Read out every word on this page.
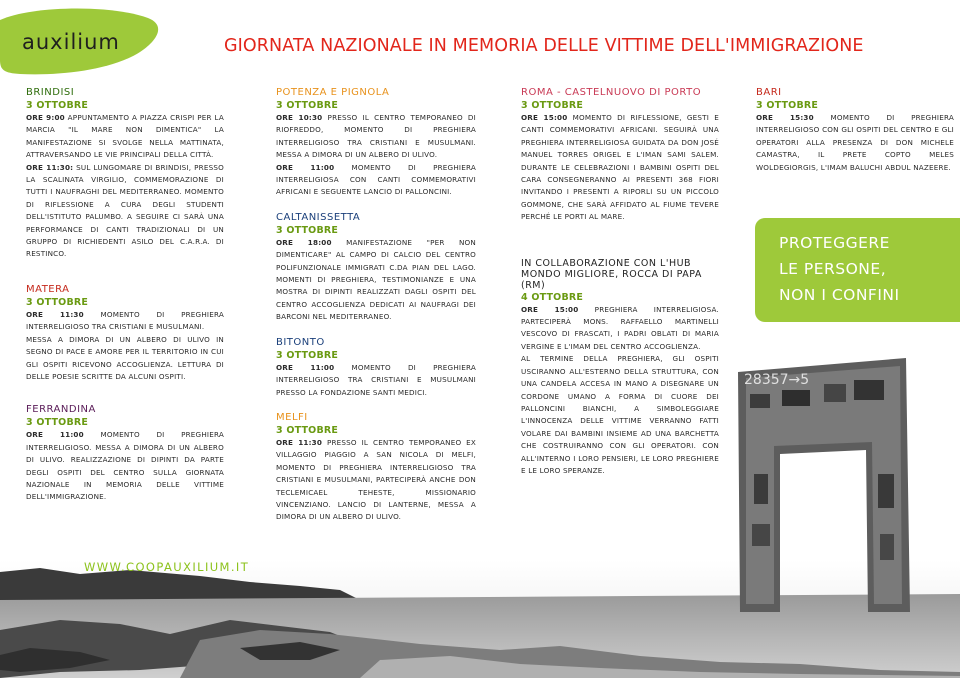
28357→5
auxilium	GIORNATA NAZIONALE IN MEMORIA DELLE VITTIME DELL'IMMIGRAZIONE
BRINDISI
3 OTTOBRE

ORE 9:00 APPUNTAMENTO A PIAZZA CRISPI PER LA MARCIA "IL MARE NON DIMENTICA" LA MANIFESTAZIONE SI SVOLGE NELLA MATTINATA, ATTRAVERSANDO LE VIE PRINCIPALI DELLA CITTÀ.

ORE 11:30: SUL LUNGOMARE DI BRINDISI, PRESSO LA SCALINATA VIRGILIO, COMMEMORAZIONE DI TUTTI I NAUFRAGHI DEL MEDITERRANEO. MOMENTO DI RIFLESSIONE A CURA DEGLI STUDENTI DELL'ISTITUTO PALUMBO. A SEGUIRE CI SARÀ UNA PERFORMANCE DI CANTI TRADIZIONALI DI UN GRUPPO DI RICHIEDENTI ASILO DEL C.A.R.A. DI RESTINCO.

MATERA
3 OTTOBRE

ORE 11:30 MOMENTO DI PREGHIERA INTERRELIGIOSO TRA CRISTIANI E MUSULMANI.

MESSA A DIMORA DI UN ALBERO DI ULIVO IN SEGNO DI PACE E AMORE PER IL TERRITORIO IN CUI GLI OSPITI RICEVONO ACCOGLIENZA. LETTURA DI DELLE POESIE SCRITTE DA ALCUNI OSPITI.

FERRANDINA
3 OTTOBRE

ORE 11:00 MOMENTO DI PREGHIERA INTERRELIGIOSO. MESSA A DIMORA DI UN ALBERO DI ULIVO. REALIZZAZIONE DI DIPINTI DA PARTE DEGLI OSPITI DEL CENTRO SULLA GIORNATA NAZIONALE IN MEMORIA DELLE VITTIME DELL'IMMIGRAZIONE.

WWW.COOPAUXILIUM.IT
POTENZA E PIGNOLA
3 OTTOBRE

ORE 10:30 PRESSO IL CENTRO TEMPORANEO DI RIOFREDDO, MOMENTO DI PREGHIERA INTERRELIGIOSO TRA CRISTIANI E MUSULMANI. MESSA A DIMORA DI UN ALBERO DI ULIVO.

ORE 11:00 MOMENTO DI PREGHIERA INTERRELIGIOSA CON CANTI COMMEMORATIVI AFRICANI E SEGUENTE LANCIO DI PALLONCINI.

CALTANISSETTA
3 OTTOBRE

ORE 18:00 MANIFESTAZIONE "PER NON DIMENTICARE" AL CAMPO DI CALCIO DEL CENTRO POLIFUNZIONALE IMMIGRATI C.DA PIAN DEL LAGO. MOMENTI DI PREGHIERA, TESTIMONIANZE E UNA MOSTRA DI DIPINTI REALIZZATI DAGLI OSPITI DEL CENTRO ACCOGLIENZA DEDICATI AI NAUFRAGI DEI BARCONI NEL MEDITERRANEO.

BITONTO
3 OTTOBRE

ORE 11:00 MOMENTO DI PREGHIERA INTERRELIGIOSO TRA CRISTIANI E MUSULMANI PRESSO LA FONDAZIONE SANTI MEDICI.

MELFI
3 OTTOBRE

ORE 11:30 PRESSO IL CENTRO TEMPORANEO EX VILLAGGIO PIAGGIO A SAN NICOLA DI MELFI, MOMENTO DI PREGHIERA INTERRELIGIOSO TRA CRISTIANI E MUSULMANI, PARTECIPERÀ ANCHE DON TECLEMICAEL TEHESTE, MISSIONARIO VINCENZIANO. LANCIO DI LANTERNE, MESSA A DIMORA DI UN ALBERO DI ULIVO.

ROMA - CASTELNUOVO DI PORTO
3 OTTOBRE

ORE 15:00 MOMENTO DI RIFLESSIONE, GESTI E CANTI COMMEMORATIVI AFRICANI. SEGUIRÀ UNA PREGHIERA INTERRELIGIOSA GUIDATA DA DON JOSÉ MANUEL TORRES ORIGEL E L'IMAN SAMI SALEM. DURANTE LE CELEBRAZIONI I BAMBINI OSPITI DEL CARA CONSEGNERANNO AI PRESENTI 368 FIORI INVITANDO I PRESENTI A RIPORLI SU UN PICCOLO GOMMONE, CHE SARÀ AFFIDATO AL FIUME TEVERE PERCHÉ LE PORTI AL MARE.

IN COLLABORAZIONE CON L'HUB MONDO MIGLIORE, ROCCA DI PAPA (RM)
4 OTTOBRE

ORE 15:00 PREGHIERA INTERRELIGIOSA. PARTECIPERÀ MONS. RAFFAELLO MARTINELLI VESCOVO DI FRASCATI, I PADRI OBLATI DI MARIA VERGINE E L'IMAM DEL CENTRO ACCOGLIENZA.

AL TERMINE DELLA PREGHIERA, GLI OSPITI USCIRANNO ALL'ESTERNO DELLA STRUTTURA, CON UNA CANDELA ACCESA IN MANO A DISEGNARE UN CORDONE UMANO A FORMA DI CUORE DEI PALLONCINI BIANCHI, A SIMBOLEGGIARE L'INNOCENZA DELLE VITTIME VERRANNO FATTI VOLARE DAI BAMBINI INSIEME AD UNA BARCHETTA CHE COSTRUIRANNO CON GLI OPERATORI. CON ALL'INTERNO I LORO PENSIERI, LE LORO PREGHIERE E LE LORO SPERANZE.

BARI
3 OTTOBRE

ORE 15:30 MOMENTO DI PREGHIERA INTERRELIGIOSO CON GLI OSPITI DEL CENTRO E GLI OPERATORI ALLA PRESENZA DI DON MICHELE CAMASTRA, IL PRETE COPTO MELES WOLDEGIORGIS, L'IMAM BALUCHI ABDUL NAZEERE.

PROTEGGERE
LE PERSONE,
NON I CONFINI
